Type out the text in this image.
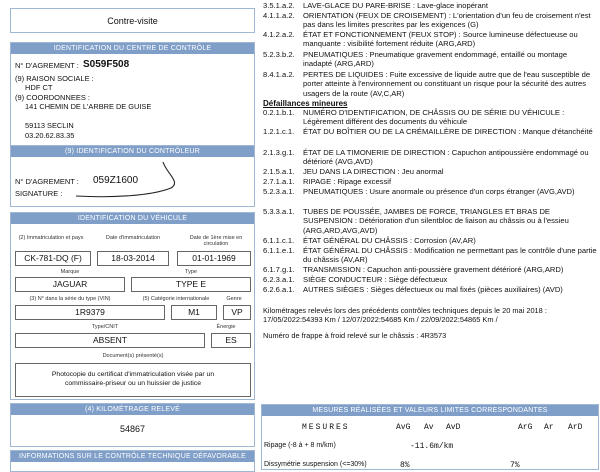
Contre-visite
IDENTIFICATION DU CENTRE DE CONTRÔLE
N° D'AGREMENT : S059F508
(9) RAISON SOCIALE :
HDF CT
(9) COORDONNEES :
141 CHEMIN DE L'ARBRE DE GUISE
59113 SECLIN
03.20.62.83.35
(9) IDENTIFICATION DU CONTRÔLEUR
N° D'AGREMENT : 059Z1600
SIGNATURE :
IDENTIFICATION DU VÉHICULE
(2) Immatriculation et pays	Date d'immatriculation	Date de 1ère mise en circulation
CK-781-DQ (F)	18-03-2014	01-01-1969
Marque	Type
JAGUAR	TYPE E
(3) N° dans la série du type (VIN)	(5) Catégorie internationale	Genre
1R9379	M1	VP
Type/CNIT	Énergie
ABSENT	ES
Document(s) présenté(s)
Photocopie du certificat d'immatriculation visée par un commissaire-priseur ou un huissier de justice
(4) KILOMÉTRAGE RELEVÉ
54867
INFORMATIONS SUR LE CONTRÔLE TECHNIQUE DÉFAVORABLE
3.5.1.a.2.	LAVE-GLACE DU PARE-BRISE : Lave-glace inopérant
4.1.1.a.2.	ORIENTATION (FEUX DE CROISEMENT) : L'orientation d'un feu de croisement n'est pas dans les limites prescrites par les exigences (G)
4.1.2.a.2.	ÉTAT ET FONCTIONNEMENT (FEUX STOP) : Source lumineuse défectueuse ou manquante : visibilité fortement réduite (ARG,ARD)
5.2.3.b.2.	PNEUMATIQUES : Pneumatique gravement endommagé, entaillé ou montage inadapté (ARG,ARD)
8.4.1.a.2.	PERTES DE LIQUIDES : Fuite excessive de liquide autre que de l'eau susceptible de porter atteinte à l'environnement ou constituant un risque pour la sécurité des autres usagers de la route (AV,C,AR)
Défaillances mineures
0.2.1.b.1.	NUMÉRO D'IDENTIFICATION, DE CHÂSSIS OU DE SÉRIE DU VÉHICULE : Légèrement différent des documents du véhicule
1.2.1.c.1.	ÉTAT DU BOÎTIER OU DE LA CRÉMAILLÈRE DE DIRECTION : Manque d'étanchéité
2.1.3.g.1.	ÉTAT DE LA TIMONERIE DE DIRECTION : Capuchon antipoussière endommagé ou détérioré (AVG,AVD)
2.1.5.a.1.	JEU DANS LA DIRECTION : Jeu anormal
2.7.1.a.1.	RIPAGE : Ripage excessif
5.2.3.a.1.	PNEUMATIQUES : Usure anormale ou présence d'un corps étranger (AVG,AVD)
5.3.3.a.1.	TUBES DE POUSSÉE, JAMBES DE FORCE, TRIANGLES ET BRAS DE SUSPENSION : Détérioration d'un silentbloc de liaison au châssis ou à l'essieu (ARG,ARD,AVG,AVD)
6.1.1.c.1.	ÉTAT GÉNÉRAL DU CHÂSSIS : Corrosion (AV,AR)
6.1.1.e.1.	ÉTAT GÉNÉRAL DU CHÂSSIS : Modification ne permettant pas le contrôle d'une partie du châssis (AV,AR)
6.1.7.g.1.	TRANSMISSION : Capuchon anti-poussière gravement détérioré (ARG,ARD)
6.2.3.a.1.	SIÈGE CONDUCTEUR : Siège défectueux
6.2.6.a.1.	AUTRES SIÈGES : Sièges défectueux ou mal fixés (pièces auxiliaires) (AVD)
Kilométrages relevés lors des précédents contrôles techniques depuis le 20 mai 2018 : 17/05/2022:54393 Km / 12/07/2022:54685 Km / 22/09/2022:54865 Km /
Numéro de frappe à froid relevé sur le châssis : 4R3573
MESURES RÉALISÉES ET VALEURS LIMITES CORRESPONDANTES
MESURES	AvG Av AvD	ArG Ar ArD
Ripage (-8 à + 8 m/km)	-11.6m/km
Dissymétrie suspension (<=30%)	8%	7%
